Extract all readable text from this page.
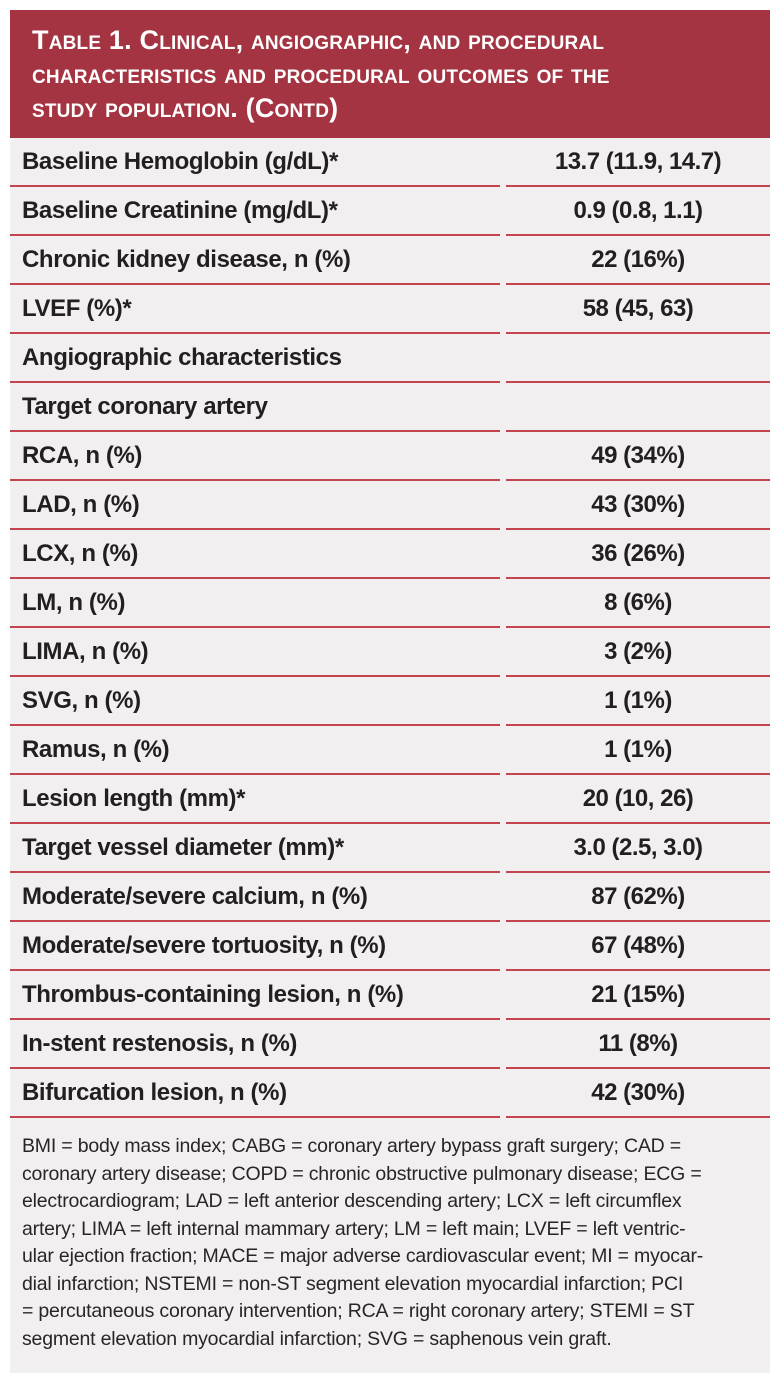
Table 1. Clinical, angiographic, and procedural
characteristics and procedural outcomes of the
study population. (Contd)
Baseline Hemoglobin (g/dL)*	13.7 (11.9, 14.7)
Baseline Creatinine (mg/dL)*	0.9 (0.8, 1.1)
Chronic kidney disease, n (%)	22 (16%)
LVEF (%)*	58 (45, 63)
Angiographic characteristics
Target coronary artery
RCA, n (%)	49 (34%)
LAD, n (%)	43 (30%)
LCX, n (%)	36 (26%)
LM, n (%)	8 (6%)
LIMA, n (%)	3 (2%)
SVG, n (%)	1 (1%)
Ramus, n (%)	1 (1%)
Lesion length (mm)*	20 (10, 26)
Target vessel diameter (mm)*	3.0 (2.5, 3.0)
Moderate/severe calcium, n (%)	87 (62%)
Moderate/severe tortuosity, n (%)	67 (48%)
Thrombus-containing lesion, n (%)	21 (15%)
In-stent restenosis, n (%)	11 (8%)
Bifurcation lesion, n (%)	42 (30%)
BMI = body mass index; CABG = coronary artery bypass graft surgery; CAD =
coronary artery disease; COPD = chronic obstructive pulmonary disease; ECG =
electrocardiogram; LAD = left anterior descending artery; LCX = left circumflex
artery; LIMA = left internal mammary artery; LM = left main; LVEF = left ventric-
ular ejection fraction; MACE = major adverse cardiovascular event; MI = myocar-
dial infarction; NSTEMI = non-ST segment elevation myocardial infarction; PCI
= percutaneous coronary intervention; RCA = right coronary artery; STEMI = ST
segment elevation myocardial infarction; SVG = saphenous vein graft.
